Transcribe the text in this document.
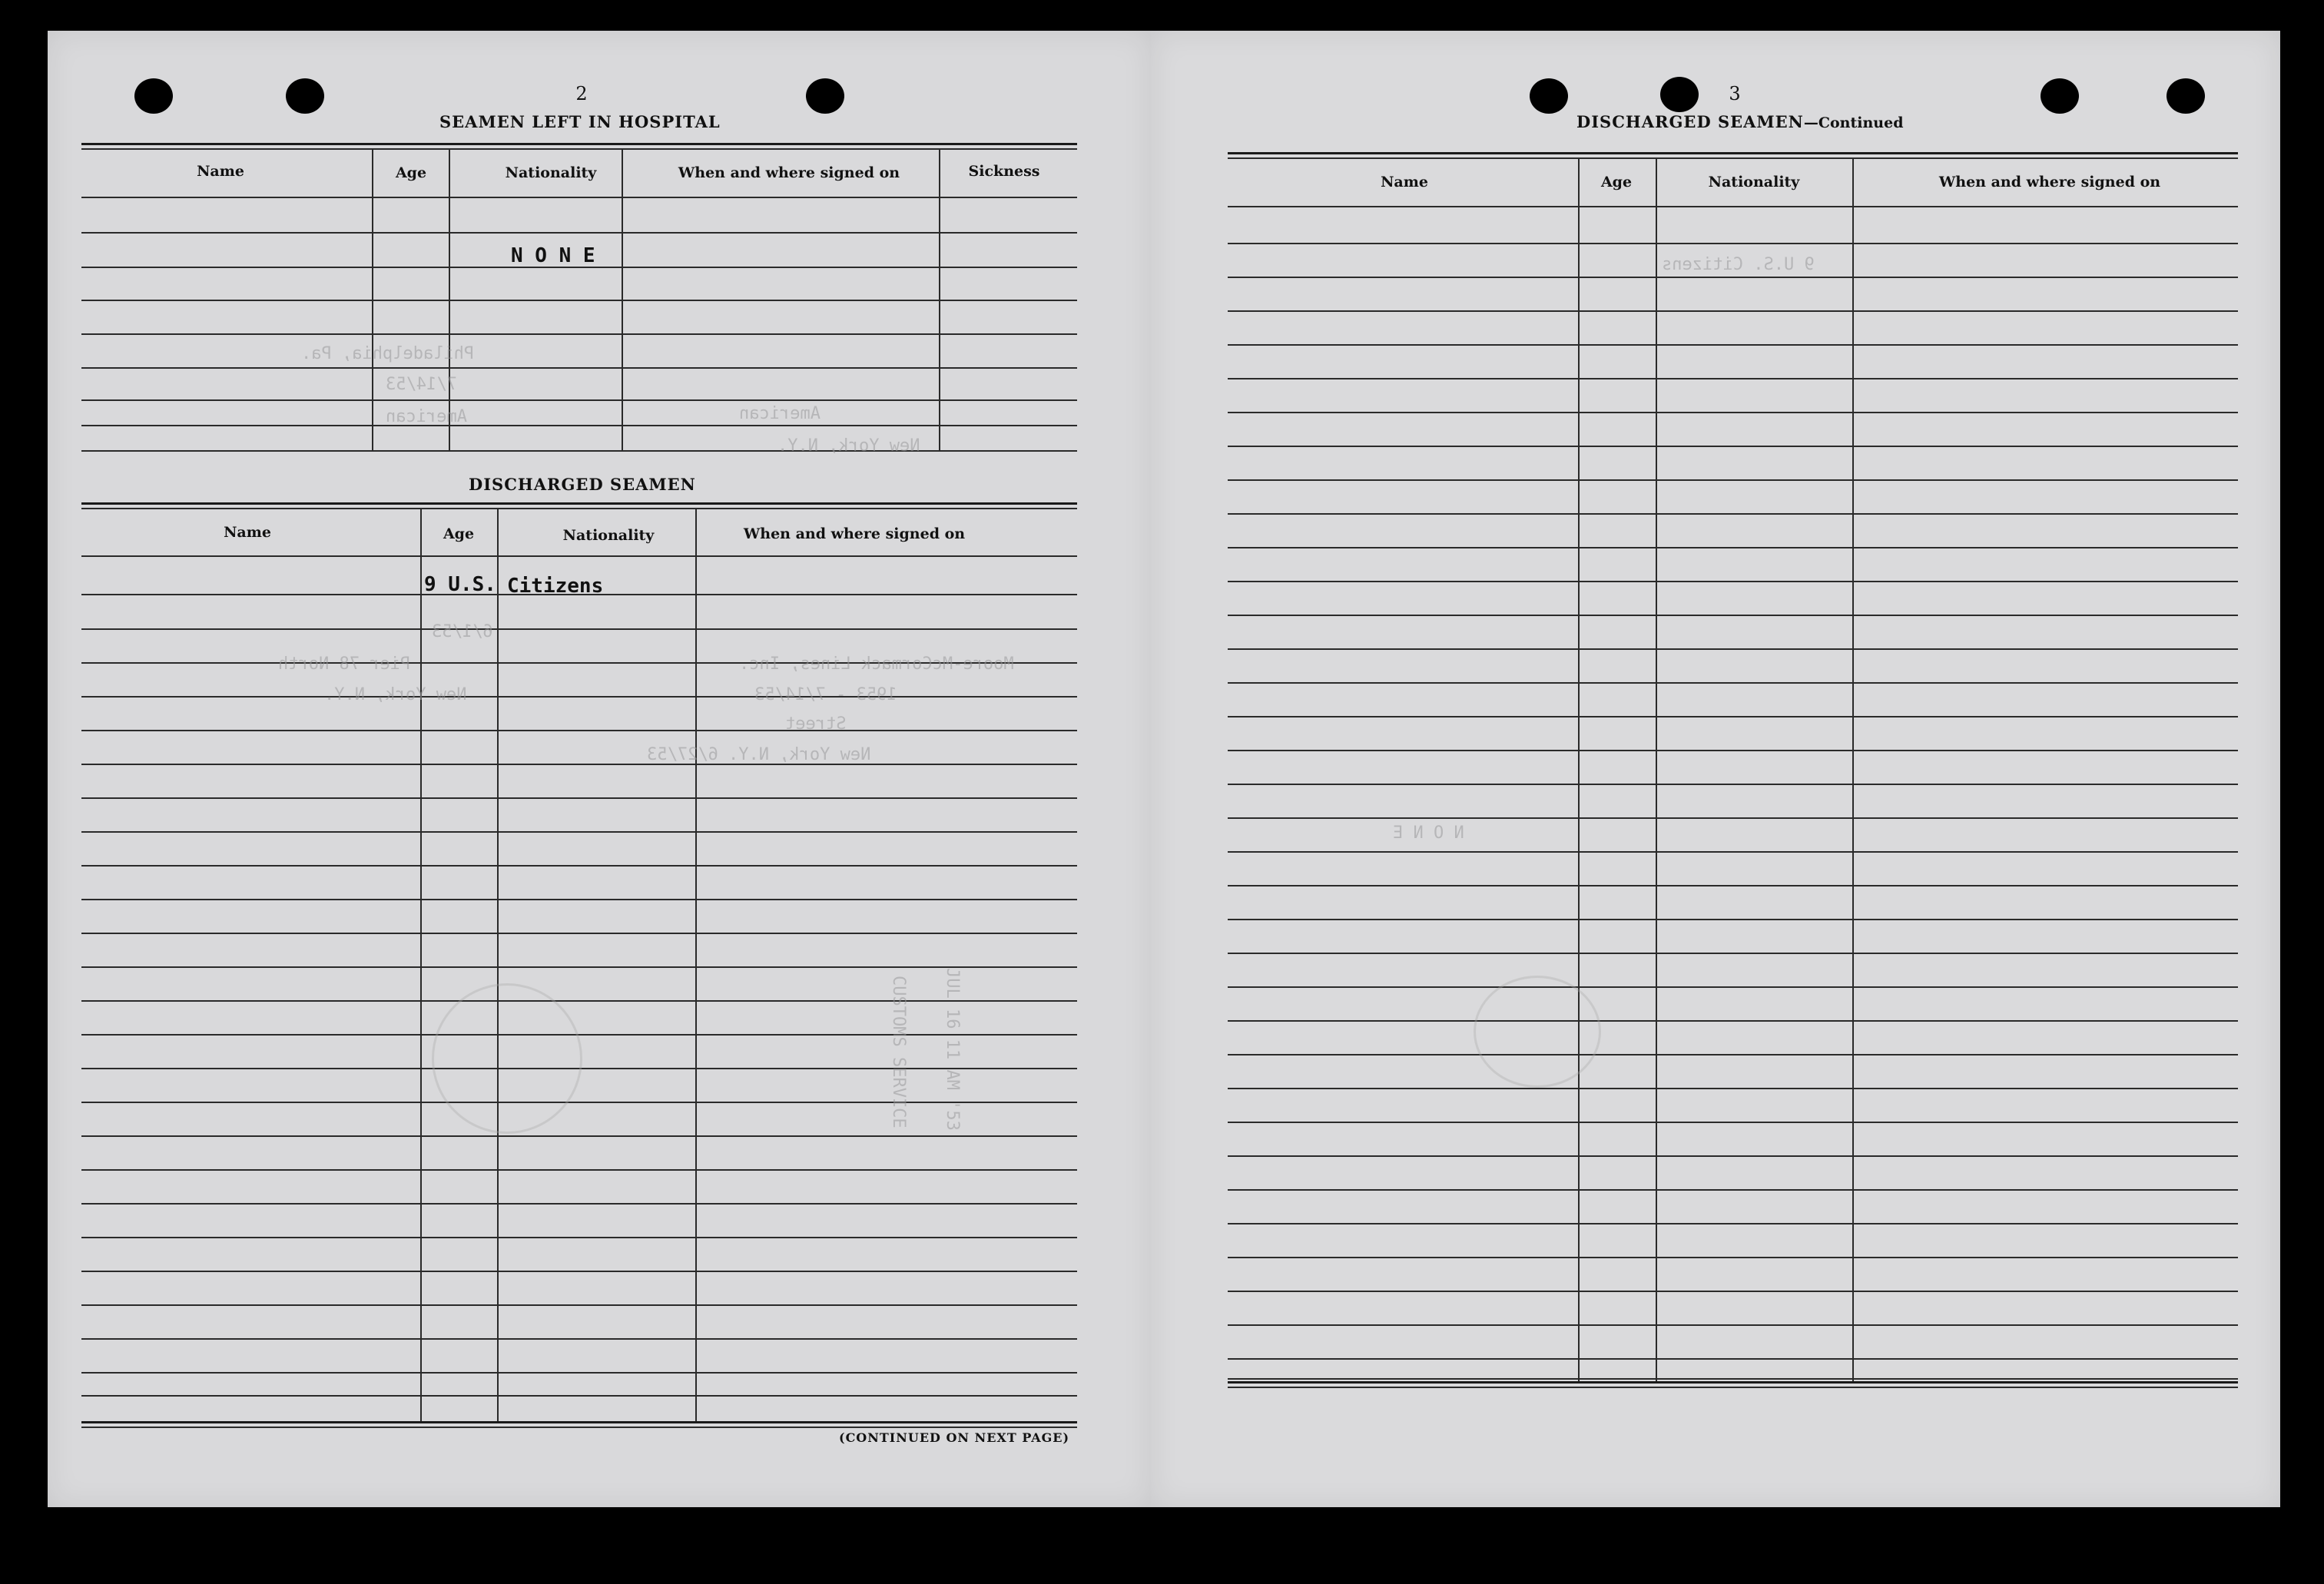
2
SEAMEN LEFT IN HOSPITAL
Name	Age	Nationality	When and where signed on	Sickness
N O N E
Philadelphia, Pa.
7/14/53
American	American
New York, N.Y.
DISCHARGED SEAMEN
Name	Age	Nationality	When and where signed on
9 U.S. Citizens
6/1/53
Pier 78 North
New York, N.Y.
Moore-McCormack Lines, Inc.
1953 - 7/14/53
Street
New York, N.Y. 6/27/53
JUL 16 11 AM '53
CUSTOMS SERVICE
(CONTINUED ON NEXT PAGE)
3
DISCHARGED SEAMEN—Continued
Name	Age	Nationality	When and where signed on
9 U.S. Citizens
N O N E
